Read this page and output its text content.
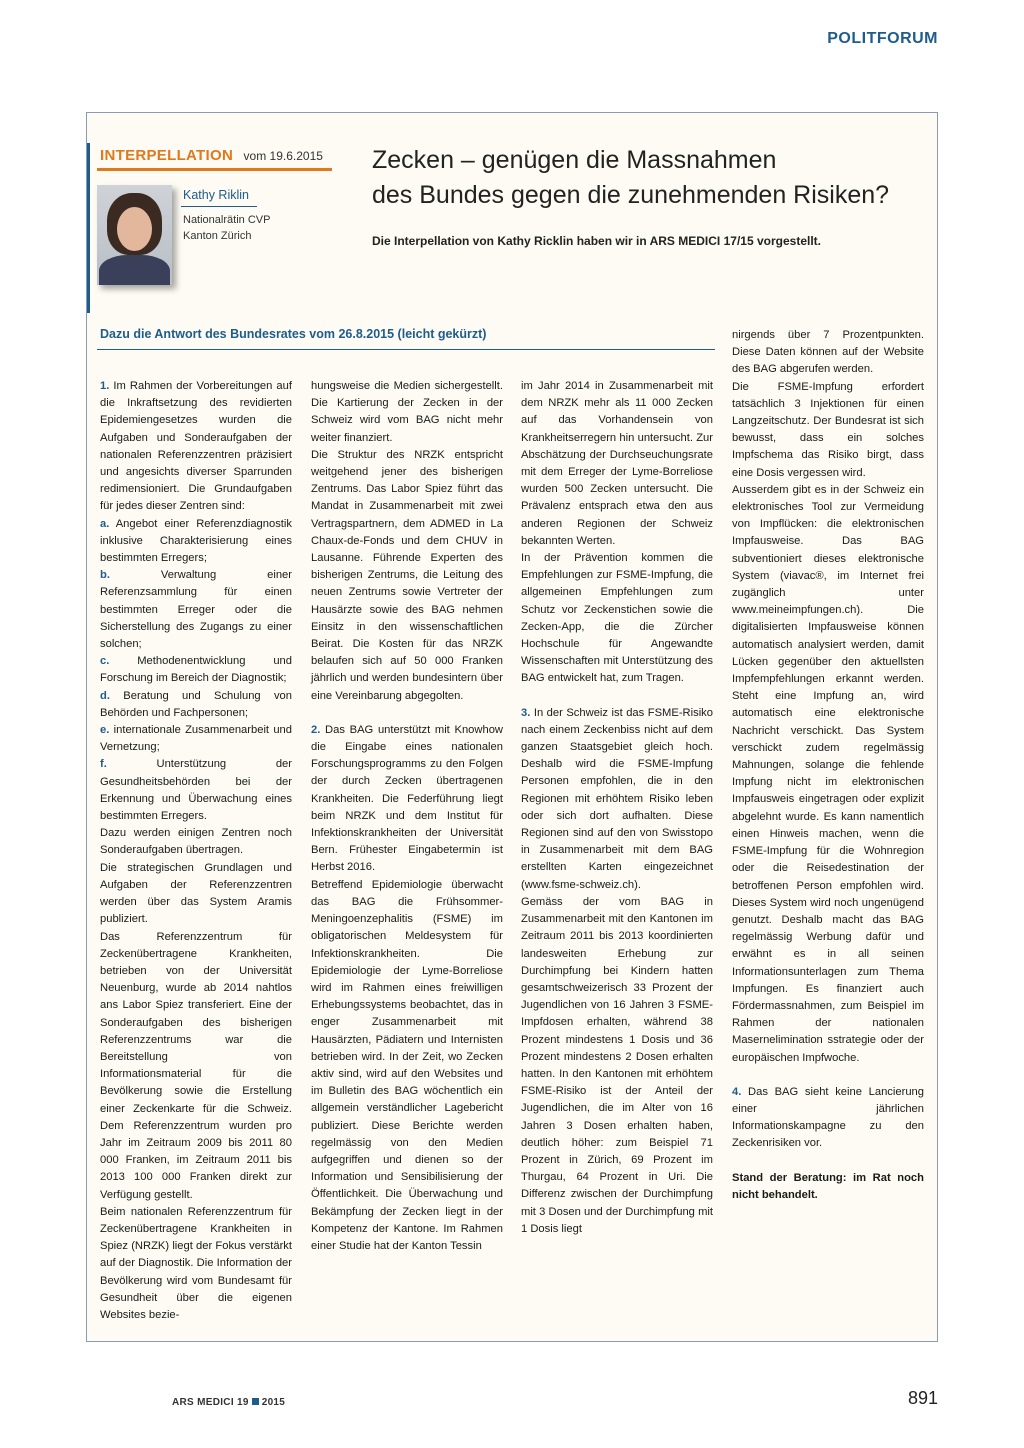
POLITFORUM
INTERPELLATION vom 19.6.2015
Kathy Riklin
Nationalrätin CVP
Kanton Zürich
Zecken – genügen die Massnahmen
des Bundes gegen die zunehmenden Risiken?
Die Interpellation von Kathy Ricklin haben wir in ARS MEDICI 17/15 vorgestellt.
Dazu die Antwort des Bundesrates vom 26.8.2015 (leicht gekürzt)

1. Im Rahmen der Vorbereitungen auf die Inkraftsetzung des revidierten Epidemiengesetzes wurden die Aufgaben und Sonderaufgaben der nationalen Referenzzentren präzisiert und angesichts diverser Sparrunden redimensioniert. Die Grundaufgaben für jedes dieser Zentren sind:

a. Angebot einer Referenzdiagnostik inklusive Charakterisierung eines bestimmten Erregers;

b. Verwaltung einer Referenzsammlung für einen bestimmten Erreger oder die Sicherstellung des Zugangs zu einer solchen;

c. Methodenentwicklung und Forschung im Bereich der Diagnostik;

d. Beratung und Schulung von Behörden und Fachpersonen;

e. internationale Zusammenarbeit und Vernetzung;

f. Unterstützung der Gesundheitsbehörden bei der Erkennung und Überwachung eines bestimmten Erregers.

Dazu werden einigen Zentren noch Sonderaufgaben übertragen.

Die strategischen Grundlagen und Aufgaben der Referenzzentren werden über das System Aramis publiziert.

Das Referenzzentrum für Zeckenübertragene Krankheiten, betrieben von der Universität Neuenburg, wurde ab 2014 nahtlos ans Labor Spiez transferiert. Eine der Sonderaufgaben des bisherigen Referenzzentrums war die Bereitstellung von Informationsmaterial für die Bevölkerung sowie die Erstellung einer Zeckenkarte für die Schweiz. Dem Referenzzentrum wurden pro Jahr im Zeitraum 2009 bis 2011 80 000 Franken, im Zeitraum 2011 bis 2013 100 000 Franken direkt zur Verfügung gestellt.

Beim nationalen Referenzzentrum für Zeckenübertragene Krankheiten in Spiez (NRZK) liegt der Fokus verstärkt auf der Diagnostik. Die Information der Bevölkerung wird vom Bundesamt für Gesundheit über die eigenen Websites bezie-

hungsweise die Medien sichergestellt. Die Kartierung der Zecken in der Schweiz wird vom BAG nicht mehr weiter finanziert.

Die Struktur des NRZK entspricht weitgehend jener des bisherigen Zentrums. Das Labor Spiez führt das Mandat in Zusammenarbeit mit zwei Vertragspartnern, dem ADMED in La Chaux-de-Fonds und dem CHUV in Lausanne. Führende Experten des bisherigen Zentrums, die Leitung des neuen Zentrums sowie Vertreter der Hausärzte sowie des BAG nehmen Einsitz in den wissenschaftlichen Beirat. Die Kosten für das NRZK belaufen sich auf 50 000 Franken jährlich und werden bundesintern über eine Vereinbarung abgegolten.

2. Das BAG unterstützt mit Knowhow die Eingabe eines nationalen Forschungsprogramms zu den Folgen der durch Zecken übertragenen Krankheiten. Die Federführung liegt beim NRZK und dem Institut für Infektionskrankheiten der Universität Bern. Frühester Eingabetermin ist Herbst 2016.

Betreffend Epidemiologie überwacht das BAG die Frühsommer-Meningoenzephalitis (FSME) im obligatorischen Meldesystem für Infektionskrankheiten. Die Epidemiologie der Lyme-Borreliose wird im Rahmen eines freiwilligen Erhebungssystems beobachtet, das in enger Zusammenarbeit mit Hausärzten, Pädiatern und Internisten betrieben wird. In der Zeit, wo Zecken aktiv sind, wird auf den Websites und im Bulletin des BAG wöchentlich ein allgemein verständlicher Lagebericht publiziert. Diese Berichte werden regelmässig von den Medien aufgegriffen und dienen so der Information und Sensibilisierung der Öffentlichkeit. Die Überwachung und Bekämpfung der Zecken liegt in der Kompetenz der Kantone. Im Rahmen einer Studie hat der Kanton Tessin

im Jahr 2014 in Zusammenarbeit mit dem NRZK mehr als 11 000 Zecken auf das Vorhandensein von Krankheitserregern hin untersucht. Zur Abschätzung der Durchseuchungsrate mit dem Erreger der Lyme-Borreliose wurden 500 Zecken untersucht. Die Prävalenz entsprach etwa den aus anderen Regionen der Schweiz bekannten Werten.

In der Prävention kommen die Empfehlungen zur FSME-Impfung, die allgemeinen Empfehlungen zum Schutz vor Zeckenstichen sowie die Zecken-App, die die Zürcher Hochschule für Angewandte Wissenschaften mit Unterstützung des BAG entwickelt hat, zum Tragen.

3. In der Schweiz ist das FSME-Risiko nach einem Zeckenbiss nicht auf dem ganzen Staatsgebiet gleich hoch. Deshalb wird die FSME-Impfung Personen empfohlen, die in den Regionen mit erhöhtem Risiko leben oder sich dort aufhalten. Diese Regionen sind auf den von Swisstopo in Zusammenarbeit mit dem BAG erstellten Karten eingezeichnet (www.fsme-schweiz.ch).

Gemäss der vom BAG in Zusammenarbeit mit den Kantonen im Zeitraum 2011 bis 2013 koordinierten landesweiten Erhebung zur Durchimpfung bei Kindern hatten gesamtschweizerisch 33 Prozent der Jugendlichen von 16 Jahren 3 FSME-Impfdosen erhalten, während 38 Prozent mindestens 1 Dosis und 36 Prozent mindestens 2 Dosen erhalten hatten. In den Kantonen mit erhöhtem FSME-Risiko ist der Anteil der Jugendlichen, die im Alter von 16 Jahren 3 Dosen erhalten haben, deutlich höher: zum Beispiel 71 Prozent in Zürich, 69 Prozent im Thurgau, 64 Prozent in Uri. Die Differenz zwischen der Durchimpfung mit 3 Dosen und der Durchimpfung mit 1 Dosis liegt

nirgends über 7 Prozentpunkten. Diese Daten können auf der Website des BAG abgerufen werden.

Die FSME-Impfung erfordert tatsächlich 3 Injektionen für einen Langzeitschutz. Der Bundesrat ist sich bewusst, dass ein solches Impfschema das Risiko birgt, dass eine Dosis vergessen wird.

Ausserdem gibt es in der Schweiz ein elektronisches Tool zur Vermeidung von Impflücken: die elektronischen Impfausweise. Das BAG subventioniert dieses elektronische System (viavac®, im Internet frei zugänglich unter www.meineimpfungen.ch). Die digitalisierten Impfausweise können automatisch analysiert werden, damit Lücken gegenüber den aktuellsten Impfempfehlungen erkannt werden. Steht eine Impfung an, wird automatisch eine elektronische Nachricht verschickt. Das System verschickt zudem regelmässig Mahnungen, solange die fehlende Impfung nicht im elektronischen Impfausweis eingetragen oder explizit abgelehnt wurde. Es kann namentlich einen Hinweis machen, wenn die FSME-Impfung für die Wohnregion oder die Reisedestination der betroffenen Person empfohlen wird. Dieses System wird noch ungenügend genutzt. Deshalb macht das BAG regelmässig Werbung dafür und erwähnt es in all seinen Informationsunterlagen zum Thema Impfungen. Es finanziert auch Fördermassnahmen, zum Beispiel im Rahmen der nationalen Masernelimination sstrategie oder der europäischen Impfwoche.

4. Das BAG sieht keine Lancierung einer jährlichen Informationskampagne zu den Zeckenrisiken vor.

Stand der Beratung: im Rat noch nicht behandelt.

ARS MEDICI 19 2015	891
